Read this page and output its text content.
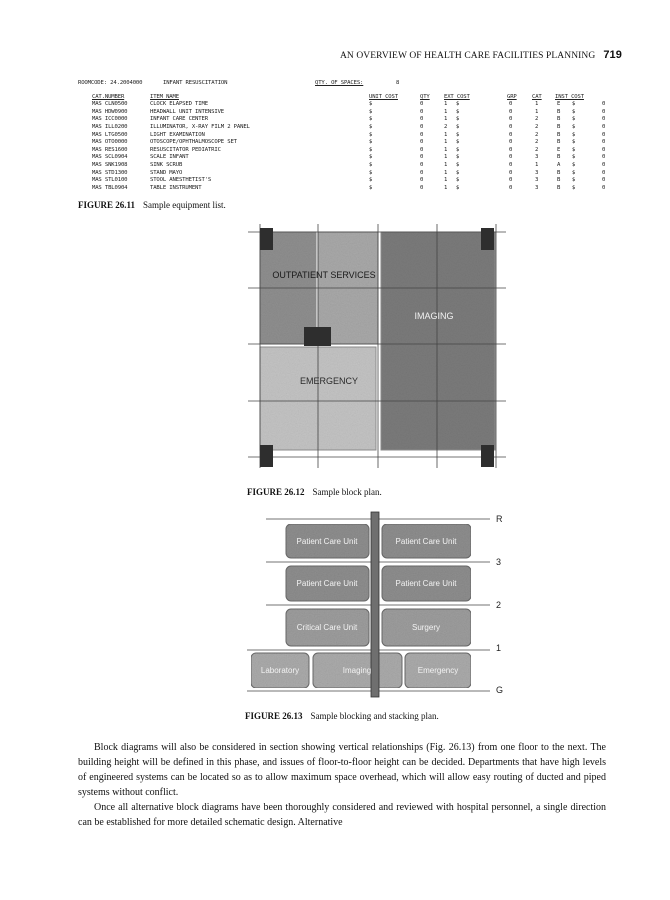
AN OVERVIEW OF HEALTH CARE FACILITIES PLANNING 719
ROOMCODE: 24.2004000	INFANT RESUSCITATION	QTY._OF_SPACES:	8
CAT.NUMBER	ITEM_NAME	UNIT_COST	QTY	EXT_COST	GRP	CAT INST_COST
MAS CLN0500	CLOCK ELAPSED TIME	$	0	1 $	0	1	E $	0
MAS HDW0900	HEADWALL UNIT INTENSIVE	$	0	1 $	0	1	B $	0
MAS ICC0000	INFANT CARE CENTER	$	0	1 $	0	2	B $	0
MAS ILL0200	ILLUMINATOR, X-RAY FILM 2 PANEL	$	0	2 $	0	2	B $	0
MAS LTG0500	LIGHT EXAMINATION	$	0	1 $	0	2	B $	0
MAS OTO0000	OTOSCOPE/OPHTHALMOSCOPE SET	$	0	1 $	0	2	B $	0
MAS RES1600	RESUSCITATOR PEDIATRIC	$	0	1 $	0	2	E $	0
MAS SCL0904	SCALE INFANT	$	0	1 $	0	3	B $	0
MAS SNK1908	SINK SCRUB	$	0	1 $	0	1	A $	0
MAS STD1300	STAND MAYO	$	0	1 $	0	3	B $	0
MAS STL0100	STOOL ANESTHETIST'S	$	0	1 $	0	3	B $	0
MAS TBL0904	TABLE INSTRUMENT	$	0	1 $	0	3	B $	0
FIGURE 26.11 Sample equipment list.
OUTPATIENT SERVICES
IMAGING
EMERGENCY
FIGURE 26.12 Sample block plan.
Patient Care Unit	Patient Care Unit
Patient Care Unit	Patient Care Unit
Critical Care Unit	Surgery
Laboratory	Imaging	Emergency
R
3
2
1
G
FIGURE 26.13 Sample blocking and stacking plan.

Block diagrams will also be considered in section showing vertical relationships (Fig. 26.13) from one floor to the next. The building height will be defined in this phase, and issues of floor-to-floor height can be decided. Departments that have high levels of engineered systems can be located so as to allow maximum space overhead, which will allow easy routing of ducted and piped systems without conflict.

Once all alternative block diagrams have been thoroughly considered and reviewed with hospital personnel, a single direction can be established for more detailed schematic design. Alternative
